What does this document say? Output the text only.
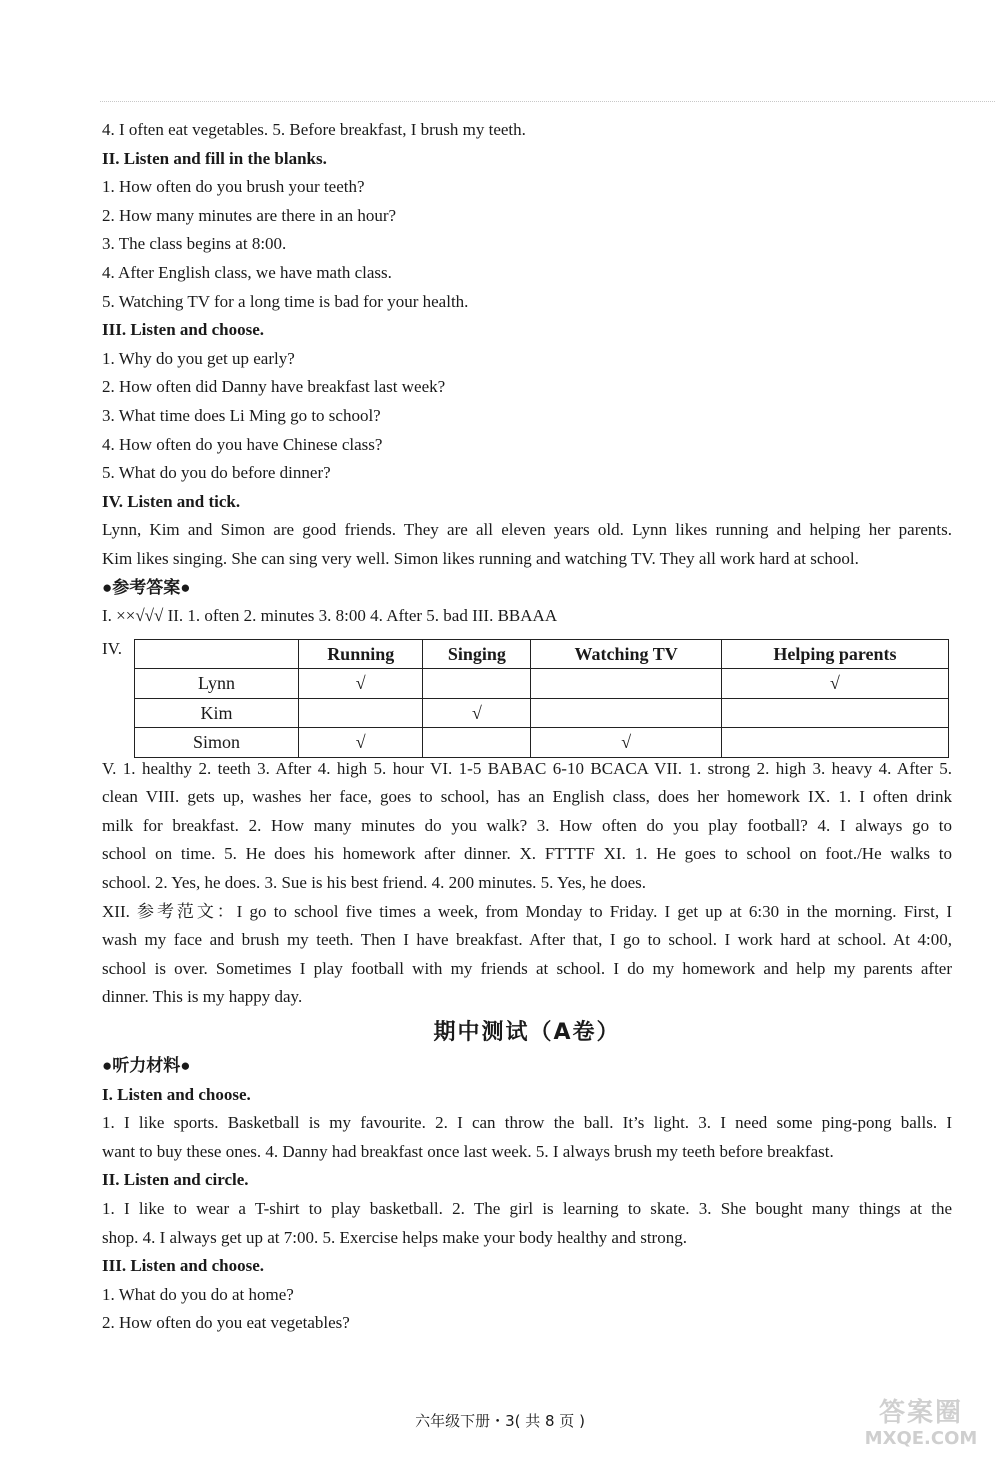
4. I often eat vegetables. 5. Before breakfast, I brush my teeth.
II. Listen and fill in the blanks.
1. How often do you brush your teeth?
2. How many minutes are there in an hour?
3. The class begins at 8:00.
4. After English class, we have math class.
5. Watching TV for a long time is bad for your health.
III. Listen and choose.
1. Why do you get up early?
2. How often did Danny have breakfast last week?
3. What time does Li Ming go to school?
4. How often do you have Chinese class?
5. What do you do before dinner?
IV. Listen and tick.
Lynn, Kim and Simon are good friends. They are all eleven years old. Lynn likes running and helping her parents.
Kim likes singing. She can sing very well. Simon likes running and watching TV. They all work hard at school.
●参考答案●
I. ××√√√ II. 1. often 2. minutes 3. 8:00 4. After 5. bad III. BBAAA
IV.
		Running	Singing	Watching TV	Helping parents
Lynn	√			√
Kim		√		
Simon	√		√	
V. 1. healthy 2. teeth 3. After 4. high 5. hour VI. 1-5 BABAC 6-10 BCACA VII. 1. strong 2. high 3. heavy 4. After 5.
clean VIII. gets up, washes her face, goes to school, has an English class, does her homework IX. 1. I often drink
milk for breakfast. 2. How many minutes do you walk? 3. How often do you play football? 4. I always go to
school on time. 5. He does his homework after dinner. X. FTTTF XI. 1. He goes to school on foot./He walks to
school. 2. Yes, he does. 3. Sue is his best friend. 4. 200 minutes. 5. Yes, he does.
XII. 参考范文：I go to school five times a week, from Monday to Friday. I get up at 6:30 in the morning. First, I
wash my face and brush my teeth. Then I have breakfast. After that, I go to school. I work hard at school. At 4:00,
school is over. Sometimes I play football with my friends at school. I do my homework and help my parents after
dinner. This is my happy day.
期中测试（A卷）
●听力材料●
I. Listen and choose.
1. I like sports. Basketball is my favourite. 2. I can throw the ball. It’s light. 3. I need some ping-pong balls. I
want to buy these ones. 4. Danny had breakfast once last week. 5. I always brush my teeth before breakfast.
II. Listen and circle.
1. I like to wear a T-shirt to play basketball. 2. The girl is learning to skate. 3. She bought many things at the
shop. 4. I always get up at 7:00. 5. Exercise helps make your body healthy and strong.
III. Listen and choose.
1. What do you do at home?
2. How often do you eat vegetables?
六年级下册・3( 共 8 页 )	答案圈
MXQE.COM
